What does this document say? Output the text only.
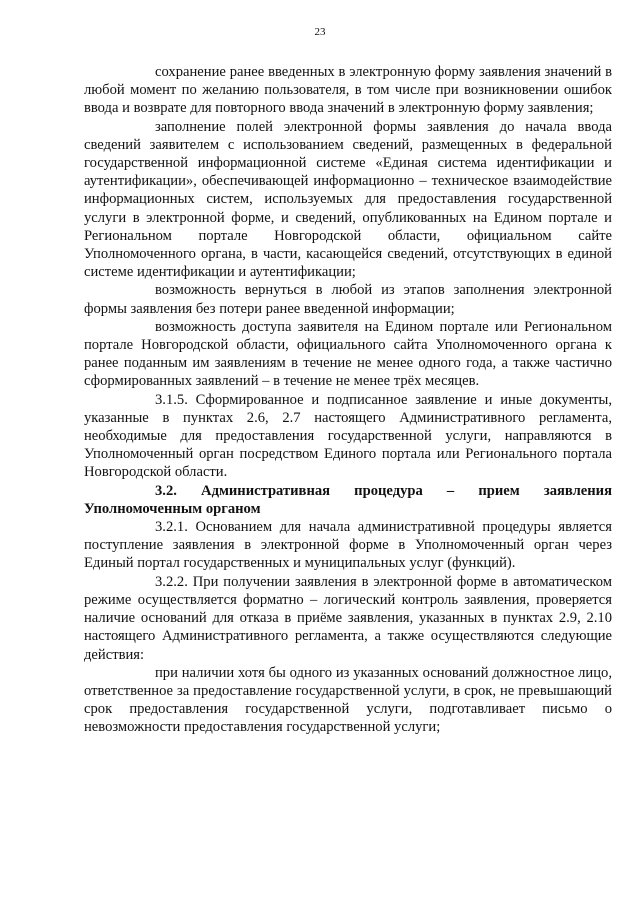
23

сохранение ранее введенных в электронную форму заявления значений в любой момент по желанию пользователя, в том числе при возникновении ошибок ввода и возврате для повторного ввода значений в электронную форму заявления;

заполнение полей электронной формы заявления до начала ввода сведений заявителем с использованием сведений, размещенных в федеральной государственной информационной системе «Единая система идентификации и аутентификации», обеспечивающей информационно – техническое взаимодействие информационных систем, используемых для предоставления государственной услуги в электронной форме, и сведений, опубликованных на Едином портале и Региональном портале Новгородской области, официальном сайте Уполномоченного органа, в части, касающейся сведений, отсутствующих в единой системе идентификации и аутентификации;

возможность вернуться в любой из этапов заполнения электронной формы заявления без потери ранее введенной информации;

возможность доступа заявителя на Едином портале или Региональном портале Новгородской области, официального сайта Уполномоченного органа к ранее поданным им заявлениям в течение не менее одного года, а также частично сформированных заявлений – в течение не менее трёх месяцев.

3.1.5. Сформированное и подписанное заявление и иные документы, указанные в пунктах 2.6, 2.7 настоящего Административного регламента, необходимые для предоставления государственной услуги, направляются в Уполномоченный орган посредством Единого портала или Регионального портала Новгородской области.

3.2. Административная процедура – прием заявления Уполномоченным органом

3.2.1. Основанием для начала административной процедуры является поступление заявления в электронной форме в Уполномоченный орган через Единый портал государственных и муниципальных услуг (функций).

3.2.2. При получении заявления в электронной форме в автоматическом режиме осуществляется форматно – логический контроль заявления, проверяется наличие оснований для отказа в приёме заявления, указанных в пунктах 2.9, 2.10 настоящего Административного регламента, а также осуществляются следующие действия:

при наличии хотя бы одного из указанных оснований должностное лицо, ответственное за предоставление государственной услуги, в срок, не превышающий срок предоставления государственной услуги, подготавливает письмо о невозможности предоставления государственной услуги;
